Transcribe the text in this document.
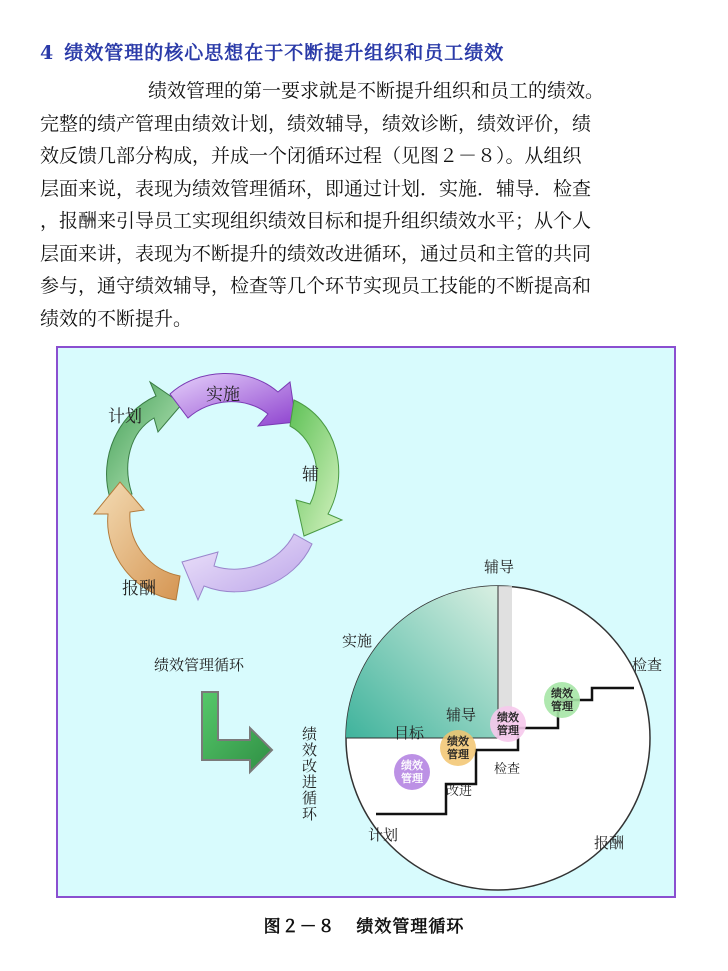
4 绩效管理的核心思想在于不断提升组织和员工绩效
绩效管理的第一要求就是不断提升组织和员工的绩效。
完整的绩产管理由绩效计划，绩效辅导，绩效诊断，绩效评价，绩
效反馈几部分构成，并成一个闭循环过程（见图２－８）。从组织
层面来说，表现为绩效管理循环，即通过计划．实施．辅导．检查
，报酬来引导员工实现组织绩效目标和提升组织绩效水平；从个人
层面来讲，表现为不断提升的绩效改进循环，通过员和主管的共同
参与，通守绩效辅导，检查等几个环节实现员工技能的不断提高和
绩效的不断提升。
实施
计划
辅
报酬
绩效管理循环
辅导
实施
检查
辅导
目标
检查
改进
计划	报酬
绩效改进循环
绩效管理
绩效管理
绩效管理
绩效管理
图２－８ 绩效管理循环
